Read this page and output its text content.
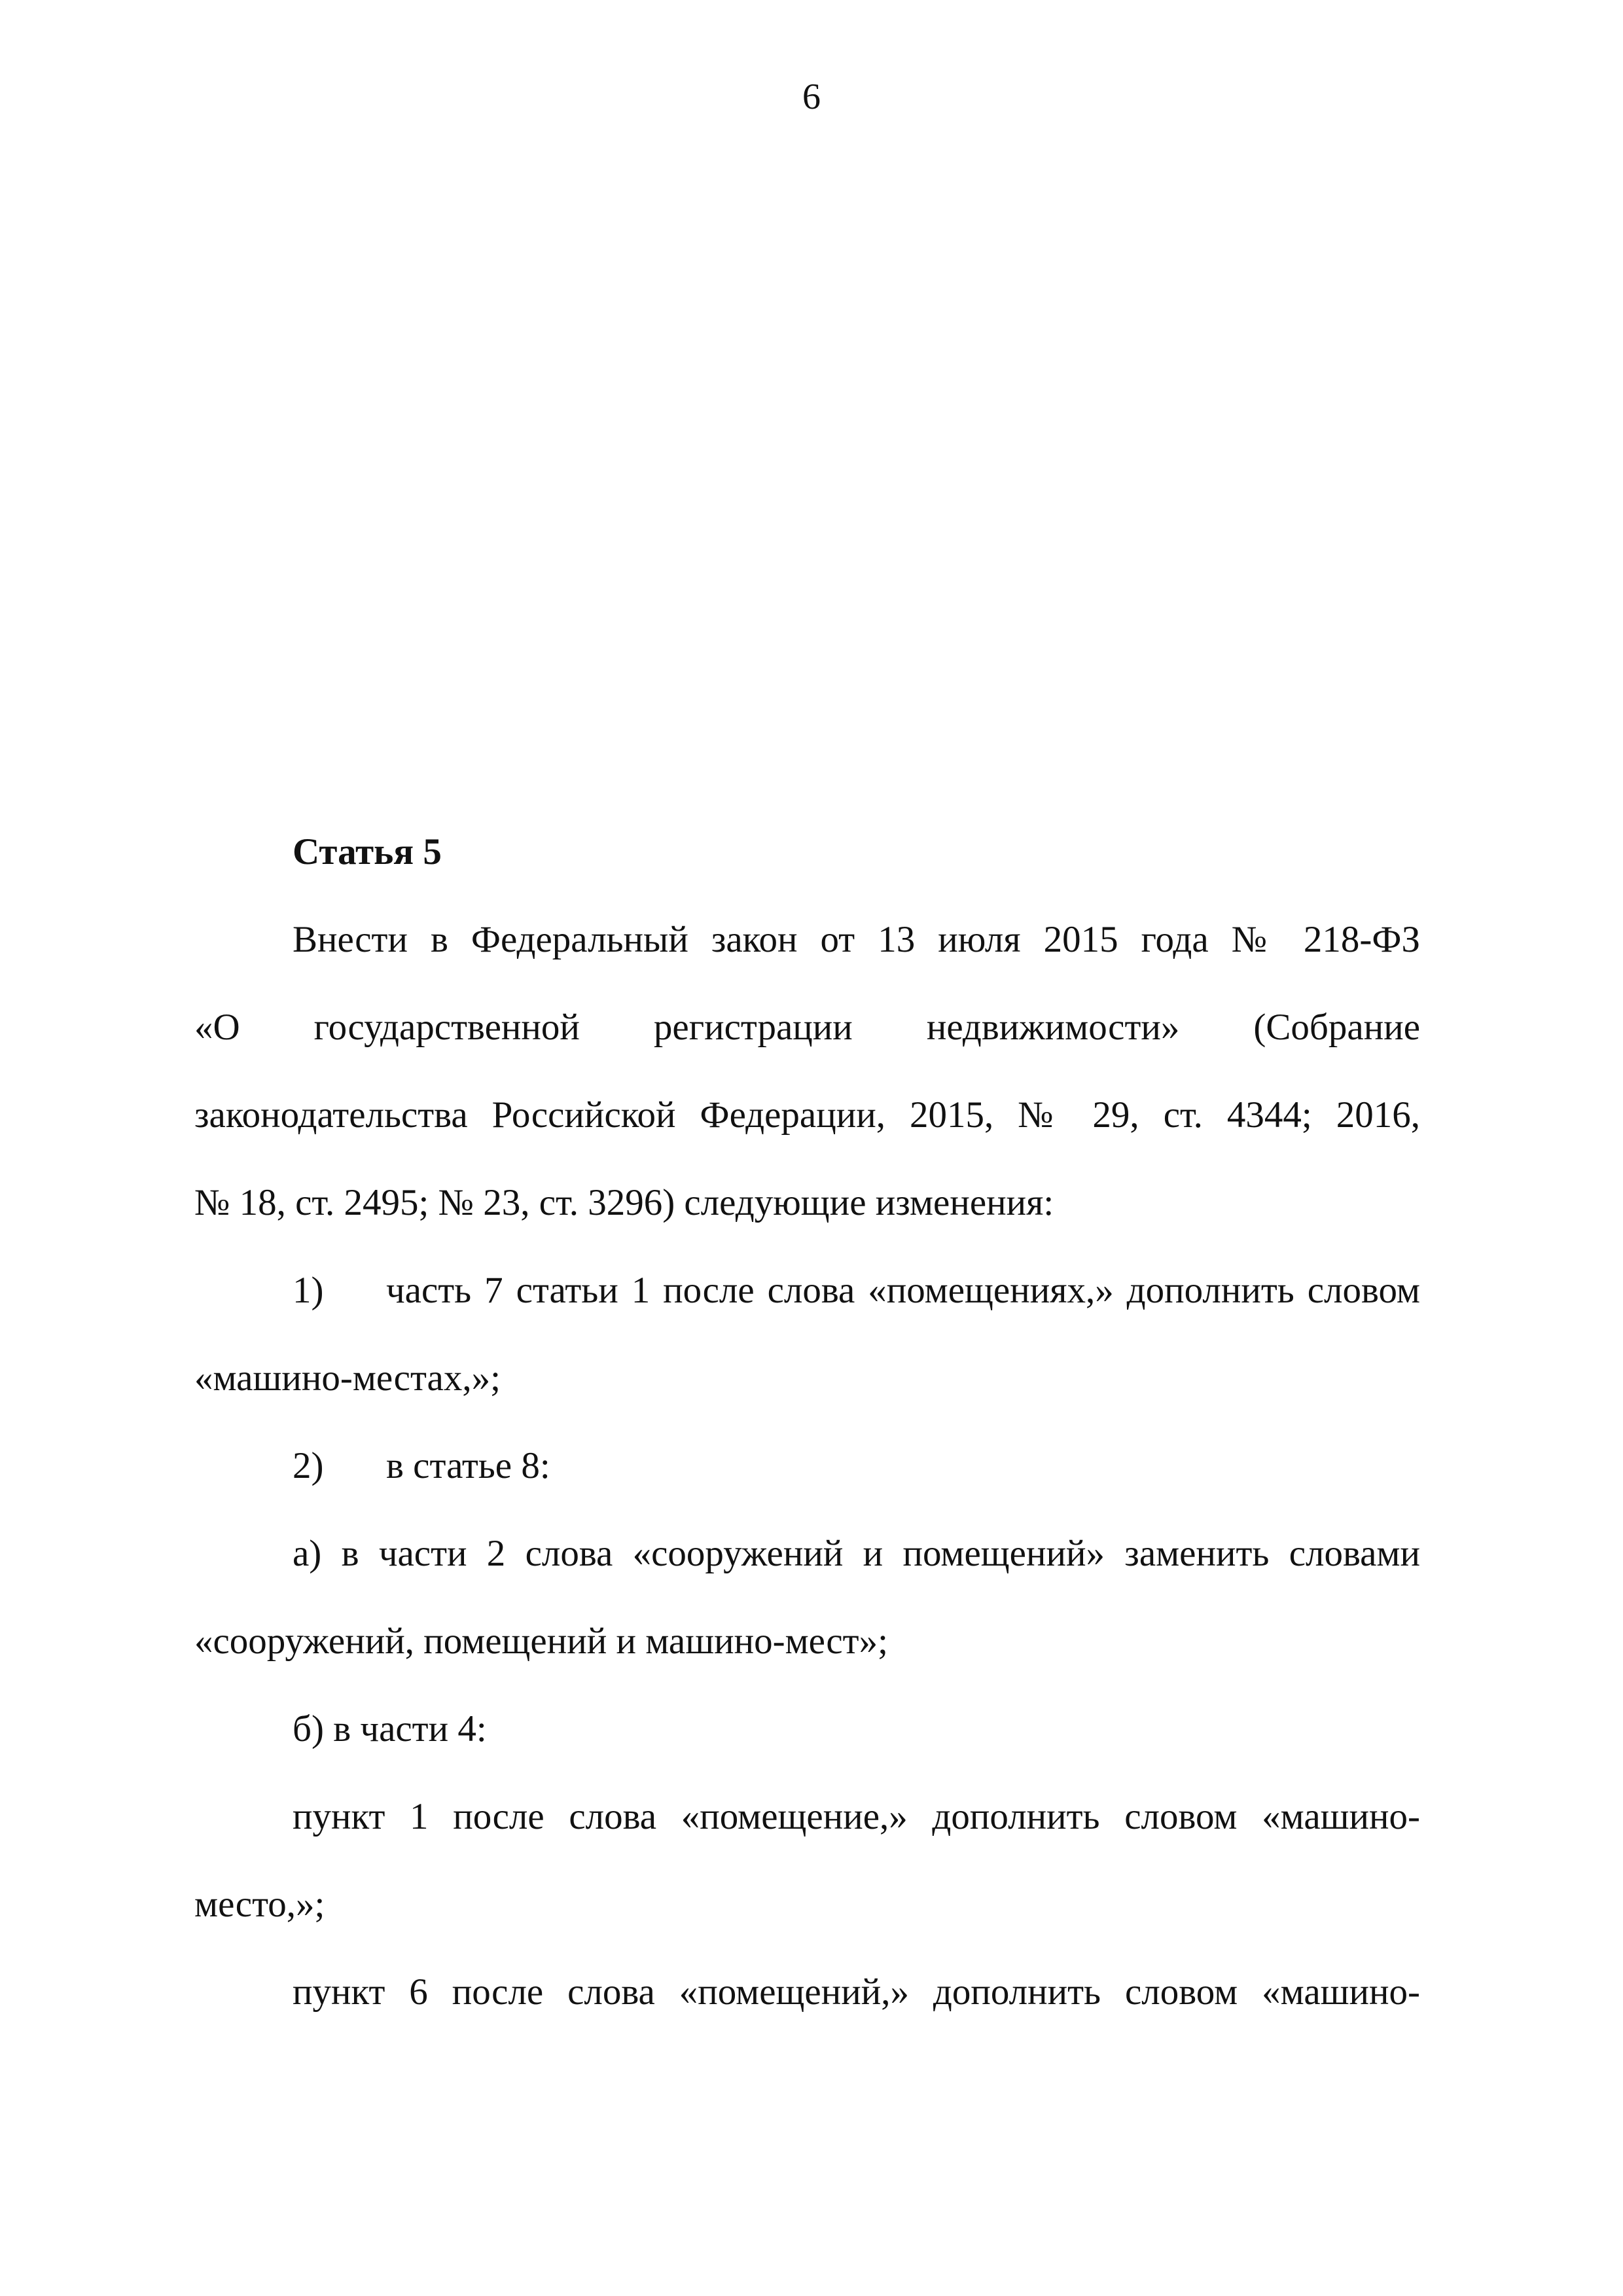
6
Статья 5
Внести в Федеральный закон от 13 июля 2015 года № 218-ФЗ
«О государственной регистрации недвижимости» (Собрание
законодательства Российской Федерации, 2015, № 29, ст. 4344; 2016,
№ 18, ст. 2495; № 23, ст. 3296) следующие изменения:
1) часть 7 статьи 1 после слова «помещениях,» дополнить словом
«машино-местах,»;
2) в статье 8:
а) в части 2 слова «сооружений и помещений» заменить словами
«сооружений, помещений и машино-мест»;
б) в части 4:
пункт 1 после слова «помещение,» дополнить словом «машино-
место,»;
пункт 6 после слова «помещений,» дополнить словом «машино-
